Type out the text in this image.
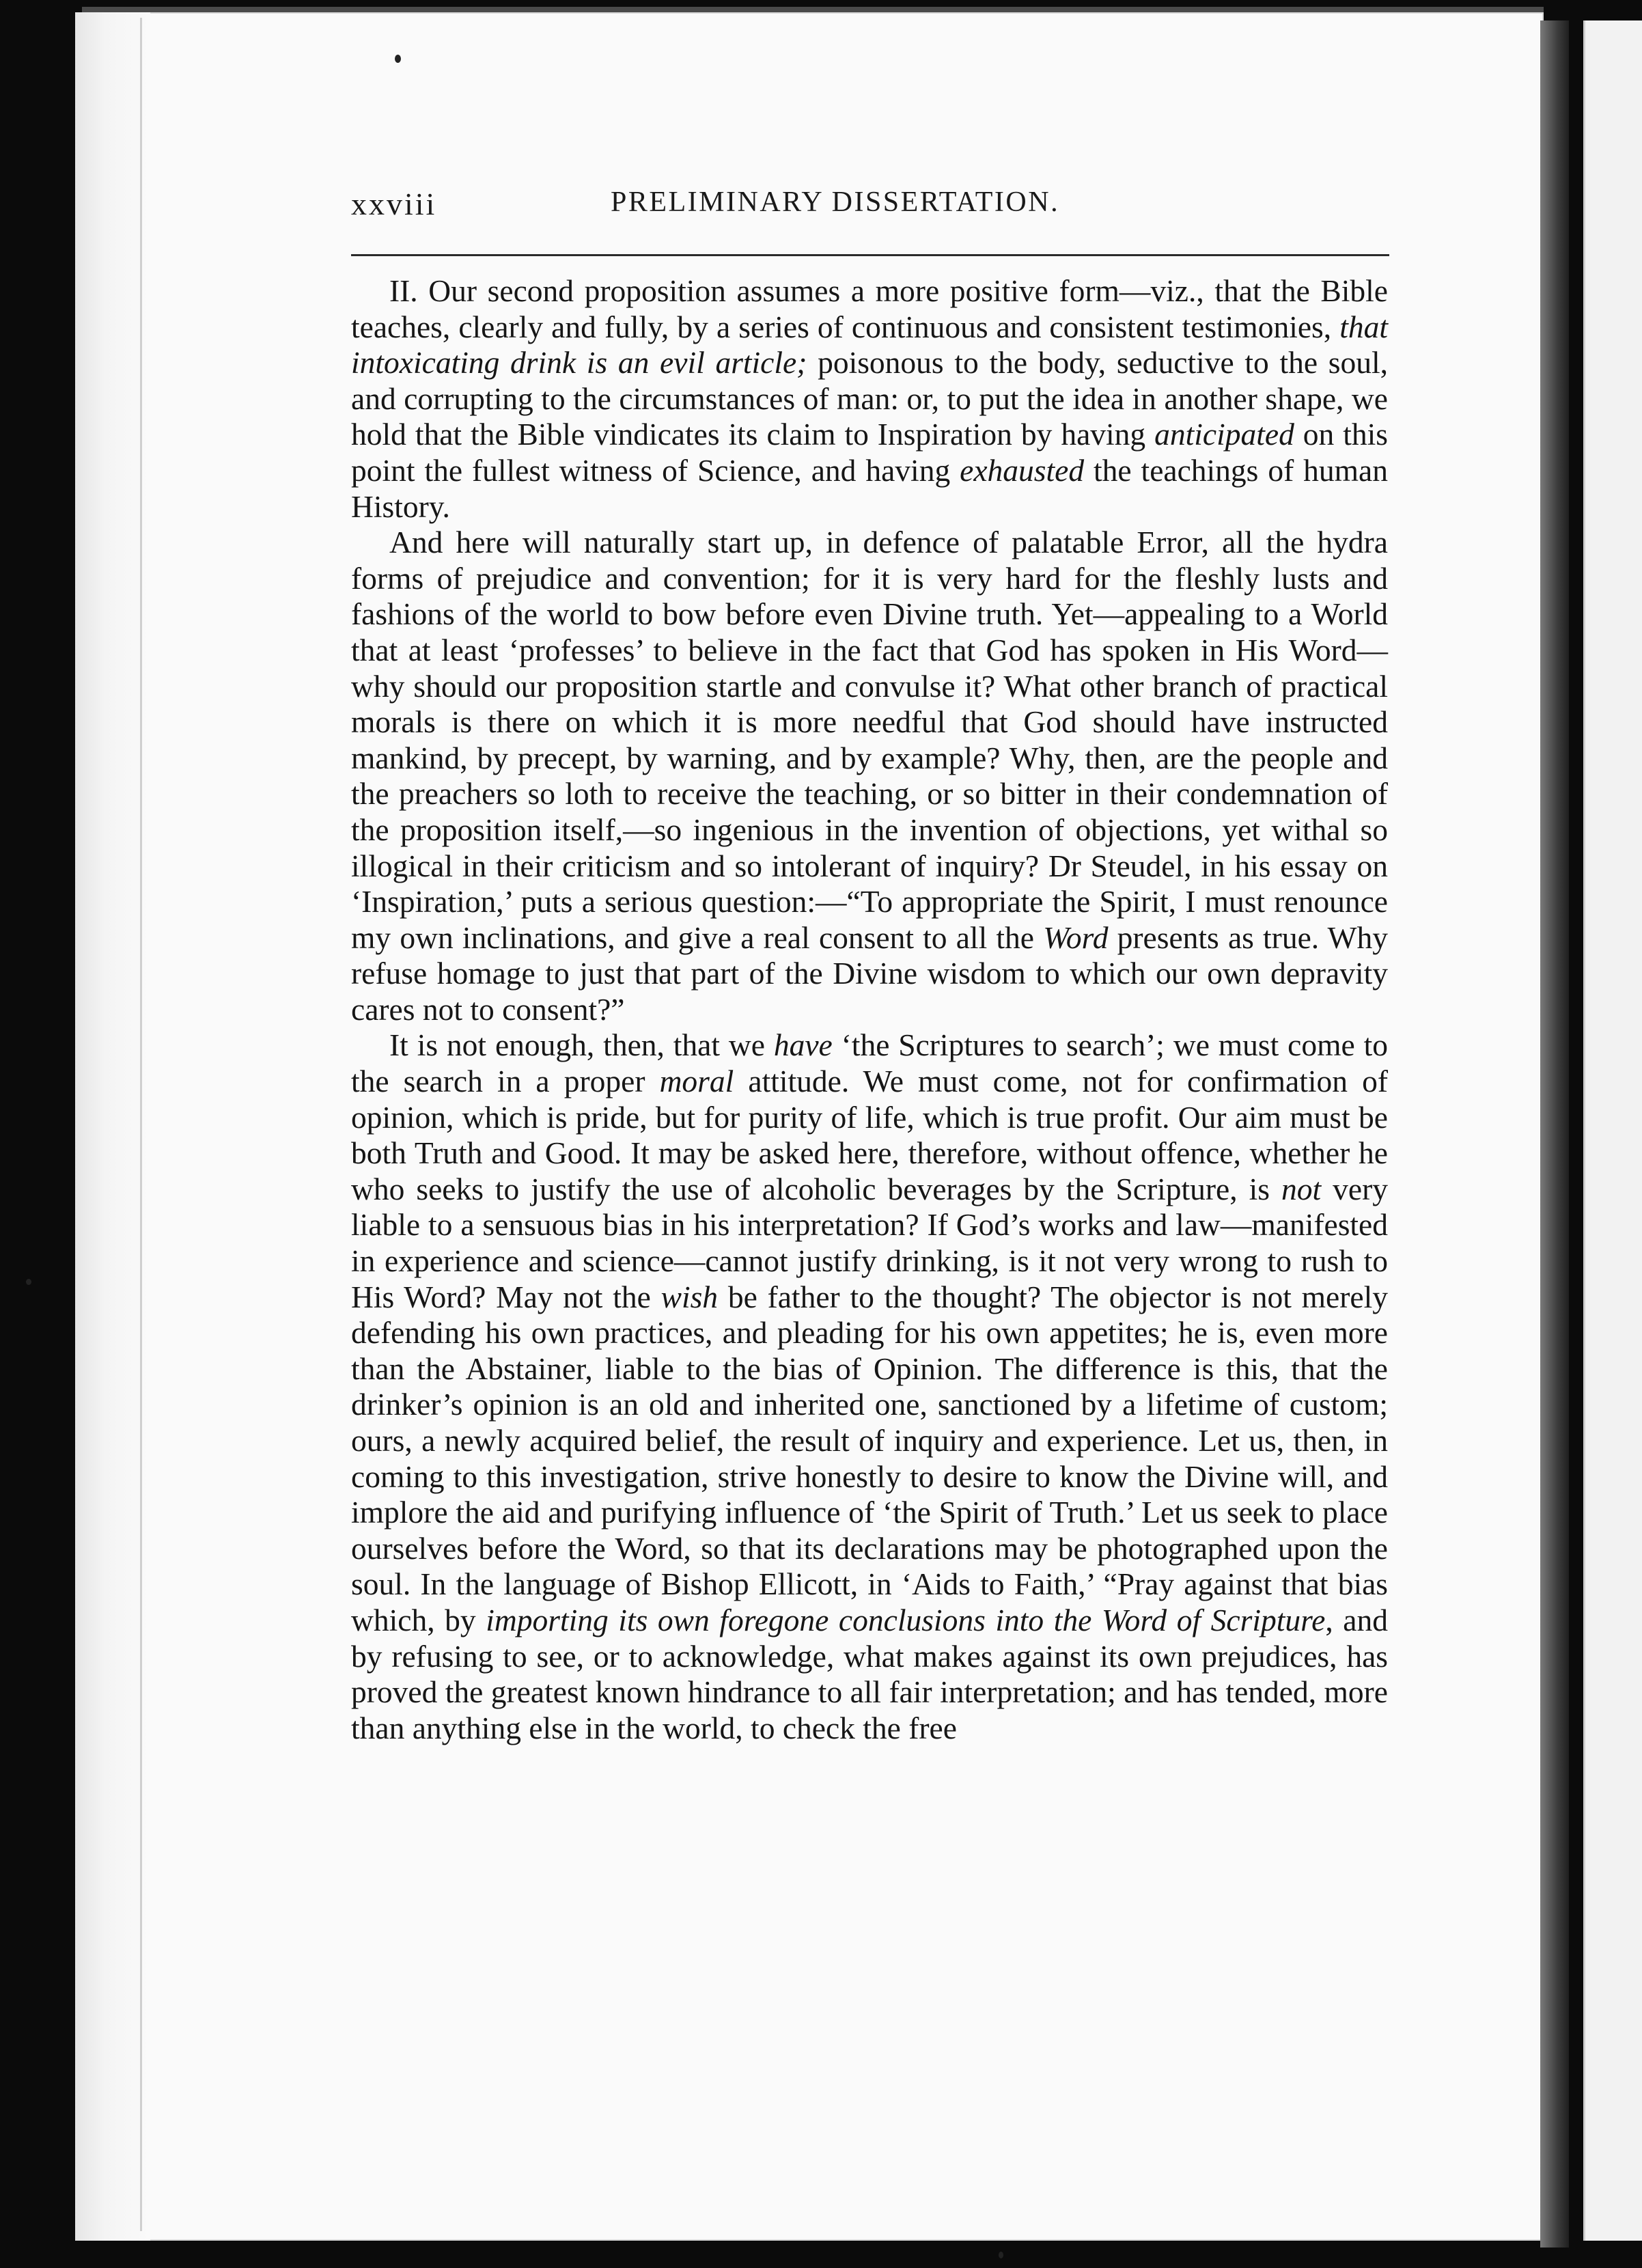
xxviii	PRELIMINARY DISSERTATION.

II. Our second proposition assumes a more positive form—viz., that the Bible teaches, clearly and fully, by a series of continuous and consistent testimonies, that intoxicating drink is an evil article; poisonous to the body, seductive to the soul, and corrupting to the circumstances of man: or, to put the idea in another shape, we hold that the Bible vindicates its claim to Inspiration by having anticipated on this point the fullest witness of Science, and having exhausted the teachings of human History.

And here will naturally start up, in defence of palatable Error, all the hydra forms of prejudice and convention; for it is very hard for the fleshly lusts and fashions of the world to bow before even Divine truth. Yet—appealing to a World that at least ‘professes’ to believe in the fact that God has spoken in His Word—why should our proposition startle and convulse it? What other branch of practical morals is there on which it is more needful that God should have instructed mankind, by precept, by warning, and by example? Why, then, are the people and the preachers so loth to receive the teaching, or so bitter in their condemnation of the proposition itself,—so ingenious in the invention of objections, yet withal so illogical in their criticism and so intolerant of inquiry? Dr Steudel, in his essay on ‘Inspiration,’ puts a serious question:—“To appropriate the Spirit, I must renounce my own inclinations, and give a real consent to all the Word presents as true. Why refuse homage to just that part of the Divine wisdom to which our own depravity cares not to consent?”

It is not enough, then, that we have ‘the Scriptures to search’; we must come to the search in a proper moral attitude. We must come, not for confirmation of opinion, which is pride, but for purity of life, which is true profit. Our aim must be both Truth and Good. It may be asked here, therefore, without offence, whether he who seeks to justify the use of alcoholic beverages by the Scripture, is not very liable to a sensuous bias in his interpretation? If God’s works and law—manifested in experience and science—cannot justify drinking, is it not very wrong to rush to His Word? May not the wish be father to the thought? The objector is not merely defending his own practices, and pleading for his own appetites; he is, even more than the Abstainer, liable to the bias of Opinion. The difference is this, that the drinker’s opinion is an old and inherited one, sanctioned by a lifetime of custom; ours, a newly acquired belief, the result of inquiry and experience. Let us, then, in coming to this investigation, strive honestly to desire to know the Divine will, and implore the aid and purifying influence of ‘the Spirit of Truth.’ Let us seek to place ourselves before the Word, so that its declarations may be photographed upon the soul. In the language of Bishop Ellicott, in ‘Aids to Faith,’ “Pray against that bias which, by importing its own foregone conclusions into the Word of Scripture, and by refusing to see, or to acknowledge, what makes against its own prejudices, has proved the greatest known hindrance to all fair interpretation; and has tended, more than anything else in the world, to check the free
